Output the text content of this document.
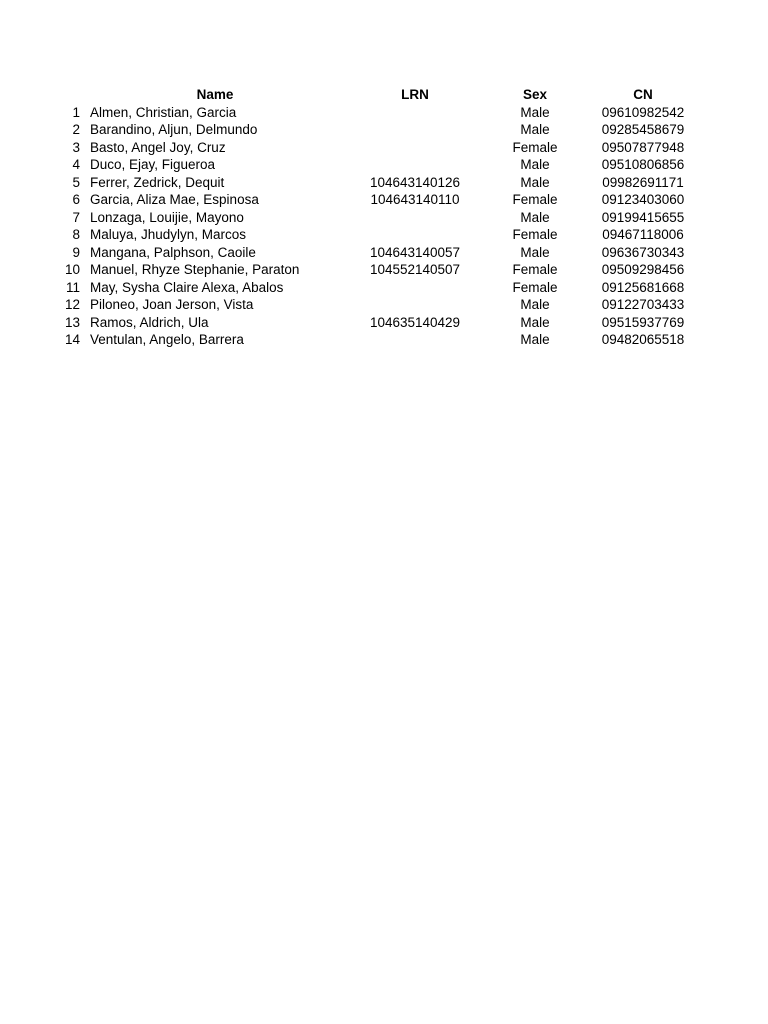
	Name	LRN	Sex	CN
1	Almen, Christian, Garcia		Male	09610982542
2	Barandino, Aljun, Delmundo		Male	09285458679
3	Basto, Angel Joy, Cruz		Female	09507877948
4	Duco, Ejay, Figueroa		Male	09510806856
5	Ferrer, Zedrick, Dequit	104643140126	Male	09982691171
6	Garcia, Aliza Mae, Espinosa	104643140110	Female	09123403060
7	Lonzaga, Louijie, Mayono		Male	09199415655
8	Maluya, Jhudylyn, Marcos		Female	09467118006
9	Mangana, Palphson, Caoile	104643140057	Male	09636730343
10	Manuel, Rhyze Stephanie, Paraton	104552140507	Female	09509298456
11	May, Sysha Claire Alexa, Abalos		Female	09125681668
12	Piloneo, Joan Jerson, Vista		Male	09122703433
13	Ramos, Aldrich, Ula	104635140429	Male	09515937769
14	Ventulan, Angelo, Barrera		Male	09482065518
